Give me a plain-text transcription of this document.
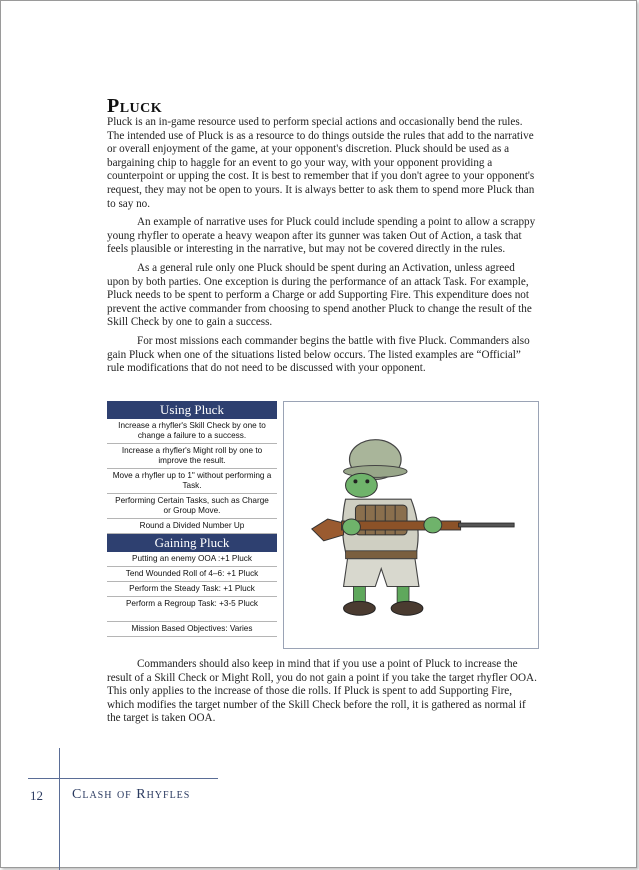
Pluck

Pluck is an in-game resource used to perform special actions and occasionally bend the rules. The intended use of Pluck is as a resource to do things outside the rules that add to the narrative or overall enjoyment of the game, at your opponent's discretion. Pluck should be used as a bargaining chip to haggle for an event to go your way, with your opponent providing a counterpoint or upping the cost. It is best to remember that if you don't agree to your opponent's request, they may not be open to yours. It is always better to ask them to spend more Pluck than to say no.

An example of narrative uses for Pluck could include spending a point to allow a scrappy young rhyfler to operate a heavy weapon after its gunner was taken Out of Action, a task that feels plausible or interesting in the narrative, but may not be covered directly in the rules.

As a general rule only one Pluck should be spent during an Activation, unless agreed upon by both parties. One exception is during the performance of an attack Task. For example, Pluck needs to be spent to perform a Charge or add Supporting Fire. This expenditure does not prevent the active commander from choosing to spend another Pluck to change the result of the Skill Check by one to gain a success.

For most missions each commander begins the battle with five Pluck. Commanders also gain Pluck when one of the situations listed below occurs. The listed examples are “Official” rule modifications that do not need to be discussed with your opponent.

Using Pluck
Increase a rhyfler's Skill Check by one to change a failure to a success.
Increase a rhyfler's Might roll by one to improve the result.
Move a rhyfler up to 1" without performing a Task.
Performing Certain Tasks, such as Charge or Group Move.
Round a Divided Number Up
Gaining Pluck
Putting an enemy OOA :+1 Pluck
Tend Wounded Roll of 4–6: +1 Pluck
Perform the Steady Task: +1 Pluck
Perform a Regroup Task: +3-5 Pluck
Mission Based Objectives: Varies

Commanders should also keep in mind that if you use a point of Pluck to increase the result of a Skill Check or Might Roll, you do not gain a point if you take the target rhyfler OOA. This only applies to the increase of those die rolls. If Pluck is spent to add Supporting Fire, which modifies the target number of the Skill Check before the roll, it is gathered as normal if the target is taken OOA.

12 Clash of Rhyfles
